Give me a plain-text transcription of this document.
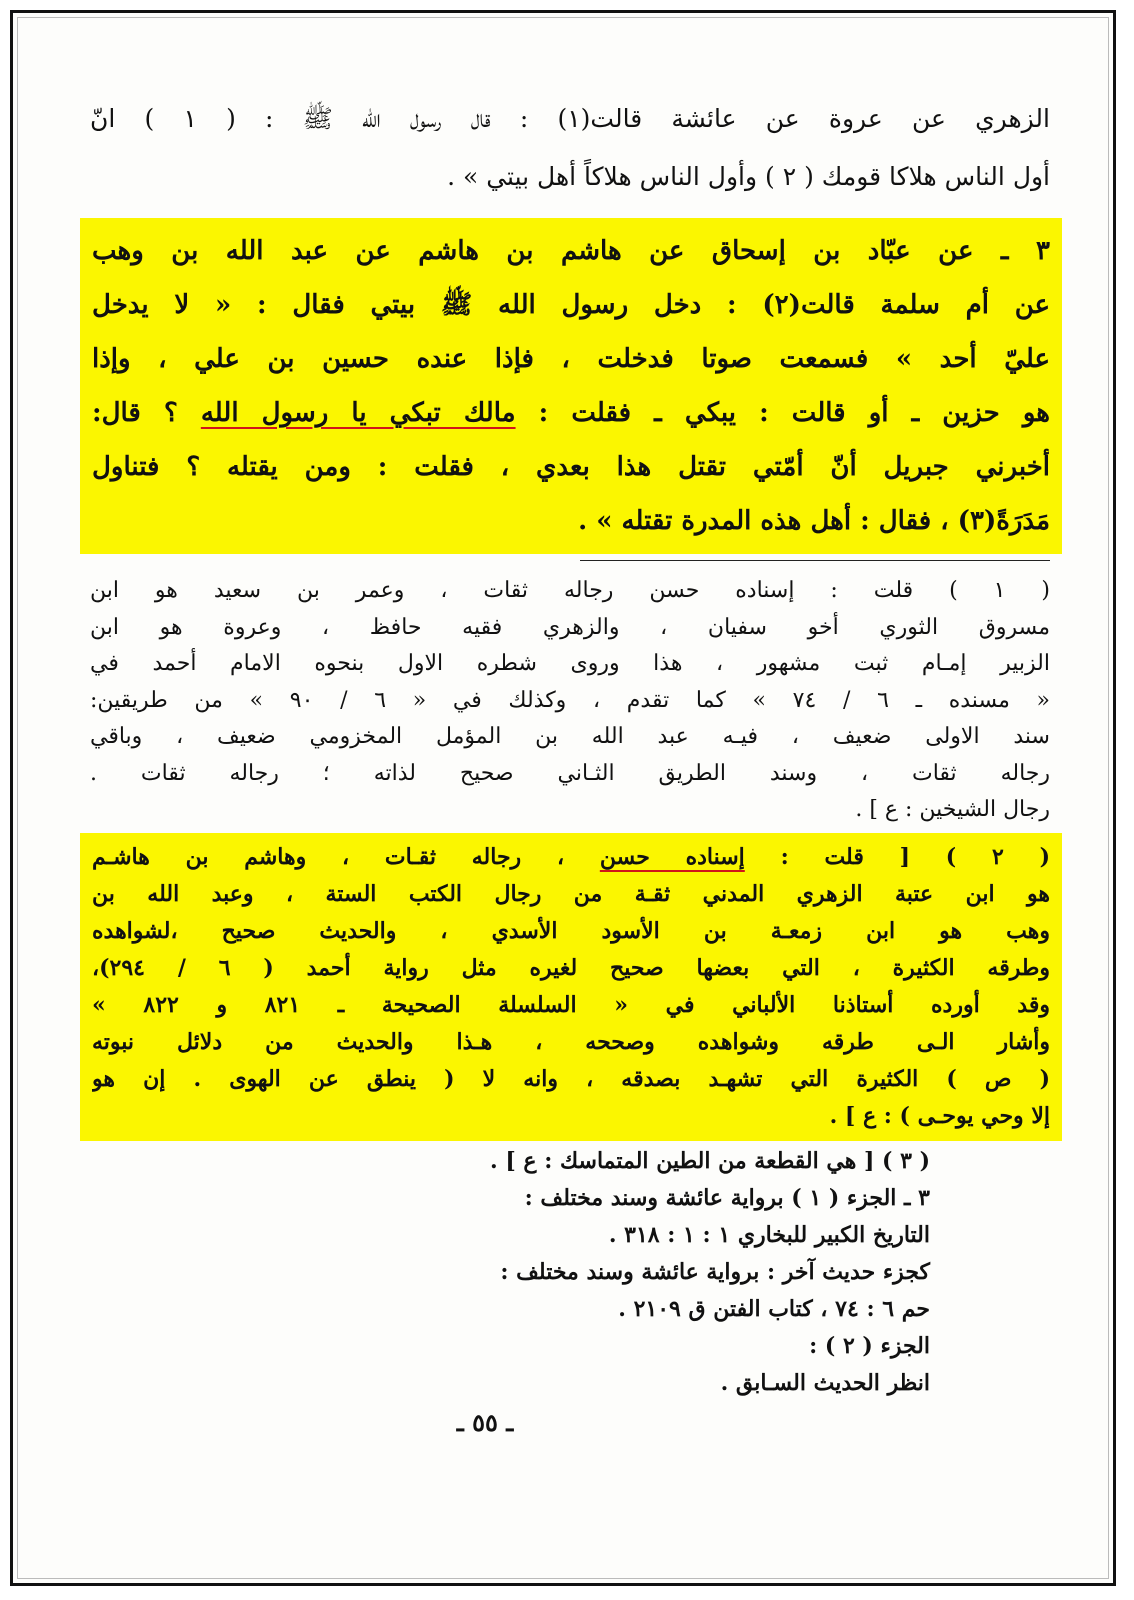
الزهري عن عروة عن عائشة قالت(١) : قال رسول الله ﷺ : ( ١ ) انّ
أول الناس هلاكا قومك ( ٢ ) وأول الناس هلاكاً أهل بيتي » .
٣ ـ عن عبّاد بن إسحاق عن هاشم بن هاشم عن عبد الله بن وهب
عن أم سلمة قالت(٢) : دخل رسول الله ﷺ بيتي فقال : « لا يدخل
عليّ أحد » فسمعت صوتا فدخلت ، فإذا عنده حسين بن علي ، وإذا
هو حزين ـ أو قالت : يبكي ـ فقلت : مالك تبكي يا رسول الله ؟ قال:
أخبرني جبريل أنّ أمّتي تقتل هذا بعدي ، فقلت : ومن يقتله ؟ فتناول
مَدَرَةً(٣) ، فقال : أهل هذه المدرة تقتله » .
( ١ ) قلت : إسناده حسن رجاله ثقات ، وعمر بن سعيد هو ابن
مسروق الثوري أخو سفيان ، والزهري فقيه حافظ ، وعروة هو ابن
الزبير إمـام ثبت مشهور ، هذا وروى شطره الاول بنحوه الامام أحمد في
« مسنده ـ ٦ / ٧٤ » كما تقدم ، وكذلك في « ٦ / ٩٠ » من طريقين:
سند الاولى ضعيف ، فيـه عبد الله بن المؤمل المخزومي ضعيف ، وباقي
رجاله ثقات ، وسند الطريق الثـاني صحيح لذاته ؛ رجاله ثقات .
رجال الشيخين : ع ] .
( ٢ ) [ قلت : إسناده حسن ، رجاله ثقـات ، وهاشم بن هاشـم
هو ابن عتبة الزهري المدني ثقـة من رجال الكتب الستة ، وعبد الله بن
وهب هو ابن زمعـة بن الأسود الأسدي ، والحديث صحيح ،لشواهده
وطرقه الكثيرة ، التي بعضها صحيح لغيره مثل رواية أحمد ( ٦ / ٢٩٤)،
وقد أورده أستاذنا الألباني في « السلسلة الصحيحة ـ ٨٢١ و ٨٢٢ »
وأشار الـى طرقه وشواهده وصححه ، هـذا والحديث من دلائل نبوته
( ص ) الكثيرة التي تشهـد بصدقه ، وانه لا ( ينطق عن الهوى . إن هو
إلا وحي يوحـى ) : ع ] .
( ٣ ) [ هي القطعة من الطين المتماسك : ع ] .
٣ ـ الجزء ( ١ ) برواية عائشة وسند مختلف :
التاريخ الكبير للبخاري ١ : ١ : ٣١٨ .
كجزء حديث آخر : برواية عائشة وسند مختلف :
حم ٦ : ٧٤ ، كتاب الفتن ق ٢١٠٩ .
الجزء ( ٢ ) :
انظر الحديث السـابق .
ـ ٥٥ ـ
